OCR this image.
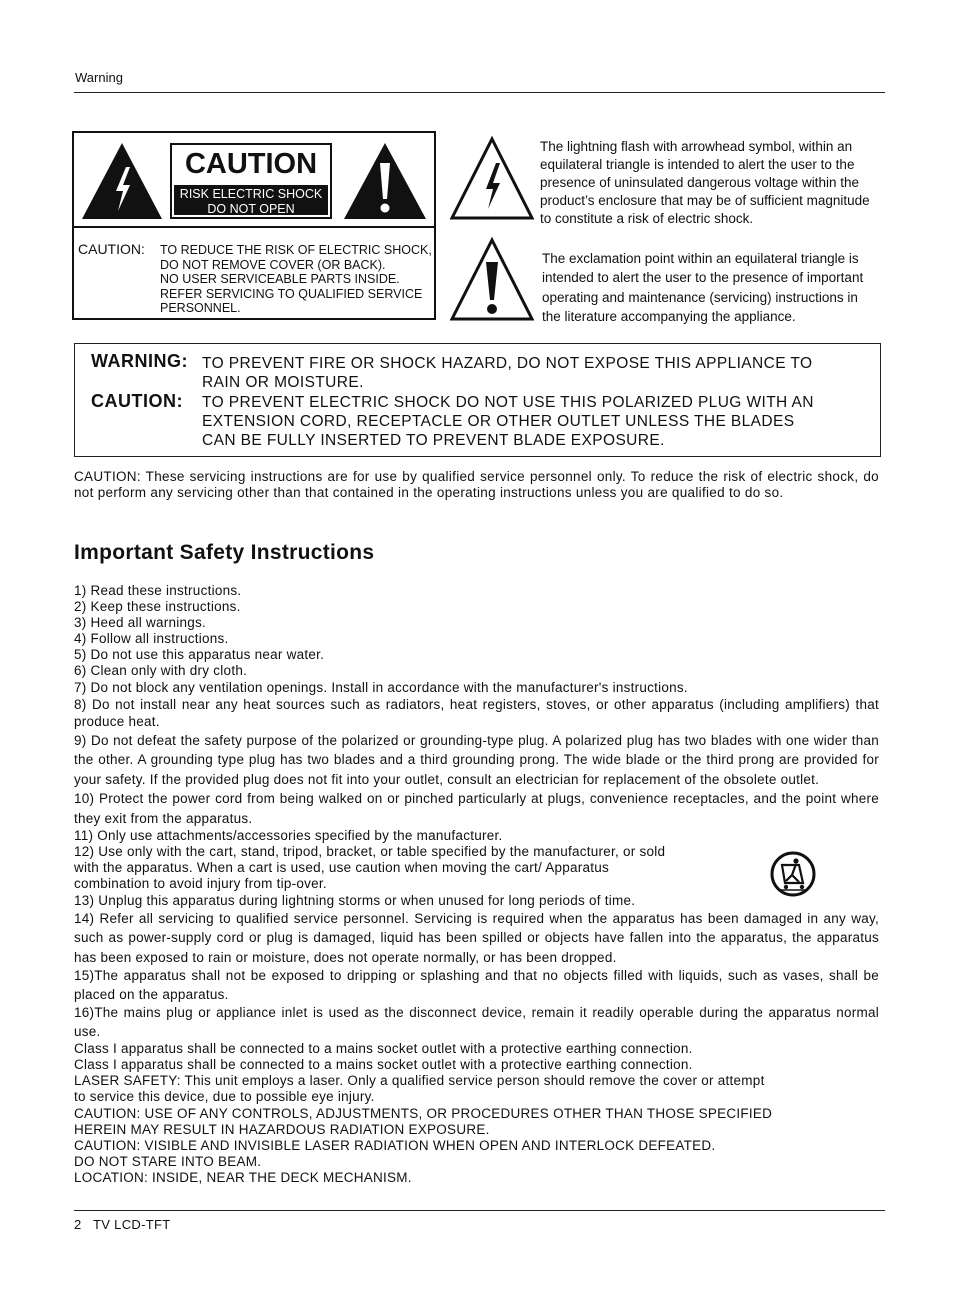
Warning
CAUTION
RISK ELECTRIC SHOCK
DO NOT OPEN
CAUTION: TO REDUCE THE RISK OF ELECTRIC SHOCK,
DO NOT REMOVE COVER (OR BACK).
NO USER SERVICEABLE PARTS INSIDE.
REFER SERVICING TO QUALIFIED SERVICE
PERSONNEL.
The lightning flash with arrowhead symbol, within an
equilateral triangle is intended to alert the user to the
presence of uninsulated dangerous voltage within the
product’s enclosure that may be of sufficient magnitude
to constitute a risk of electric shock.
The exclamation point within an equilateral triangle is
intended to alert the user to the presence of important
operating and maintenance (servicing) instructions in
the literature accompanying the appliance.
WARNING: TO PREVENT FIRE OR SHOCK HAZARD, DO NOT EXPOSE THIS APPLIANCE TO
RAIN OR MOISTURE.
CAUTION: TO PREVENT ELECTRIC SHOCK DO NOT USE THIS POLARIZED PLUG WITH AN
EXTENSION CORD, RECEPTACLE OR OTHER OUTLET UNLESS THE BLADES
CAN BE FULLY INSERTED TO PREVENT BLADE EXPOSURE.
CAUTION: These servicing instructions are for use by qualified service personnel only. To reduce the risk of electric shock, do not perform any servicing other than that contained in the operating instructions unless you are qualified to do so.
Important Safety Instructions
1) Read these instructions.
2) Keep these instructions.
3) Heed all warnings.
4) Follow all instructions.
5) Do not use this apparatus near water.
6) Clean only with dry cloth.
7) Do not block any ventilation openings. Install in accordance with the manufacturer's instructions.
8) Do not install near any heat sources such as radiators, heat registers, stoves, or other apparatus (including amplifiers) that produce heat.
9) Do not defeat the safety purpose of the polarized or grounding-type plug. A polarized plug has two blades with one wider than the other. A grounding type plug has two blades and a third grounding prong. The wide blade or the third prong are provided for your safety. If the provided plug does not fit into your outlet, consult an electrician for replacement of the obsolete outlet.
10) Protect the power cord from being walked on or pinched particularly at plugs, convenience receptacles, and the point where they exit from the apparatus.
11) Only use attachments/accessories specified by the manufacturer.
12) Use only with the cart, stand, tripod, bracket, or table specified by the manufacturer, or sold with the apparatus. When a cart is used, use caution when moving the cart/ Apparatus combination to avoid injury from tip-over.
13) Unplug this apparatus during lightning storms or when unused for long periods of time.
14) Refer all servicing to qualified service personnel. Servicing is required when the apparatus has been damaged in any way, such as power-supply cord or plug is damaged, liquid has been spilled or objects have fallen into the apparatus, the apparatus has been exposed to rain or moisture, does not operate normally, or has been dropped.
15)The apparatus shall not be exposed to dripping or splashing and that no objects filled with liquids, such as vases, shall be placed on the apparatus.
16)The mains plug or appliance inlet is used as the disconnect device, remain it readily operable during the apparatus normal use.
Class I apparatus shall be connected to a mains socket outlet with a protective earthing connection.
Class I apparatus shall be connected to a mains socket outlet with a protective earthing connection.
LASER SAFETY: This unit employs a laser. Only a qualified service person should remove the cover or attempt
to service this device, due to possible eye injury.
CAUTION: USE OF ANY CONTROLS, ADJUSTMENTS, OR PROCEDURES OTHER THAN THOSE SPECIFIED
HEREIN MAY RESULT IN HAZARDOUS RADIATION EXPOSURE.
CAUTION: VISIBLE AND INVISIBLE LASER RADIATION WHEN OPEN AND INTERLOCK DEFEATED.
DO NOT STARE INTO BEAM.
LOCATION: INSIDE, NEAR THE DECK MECHANISM.
2 TV LCD-TFT
